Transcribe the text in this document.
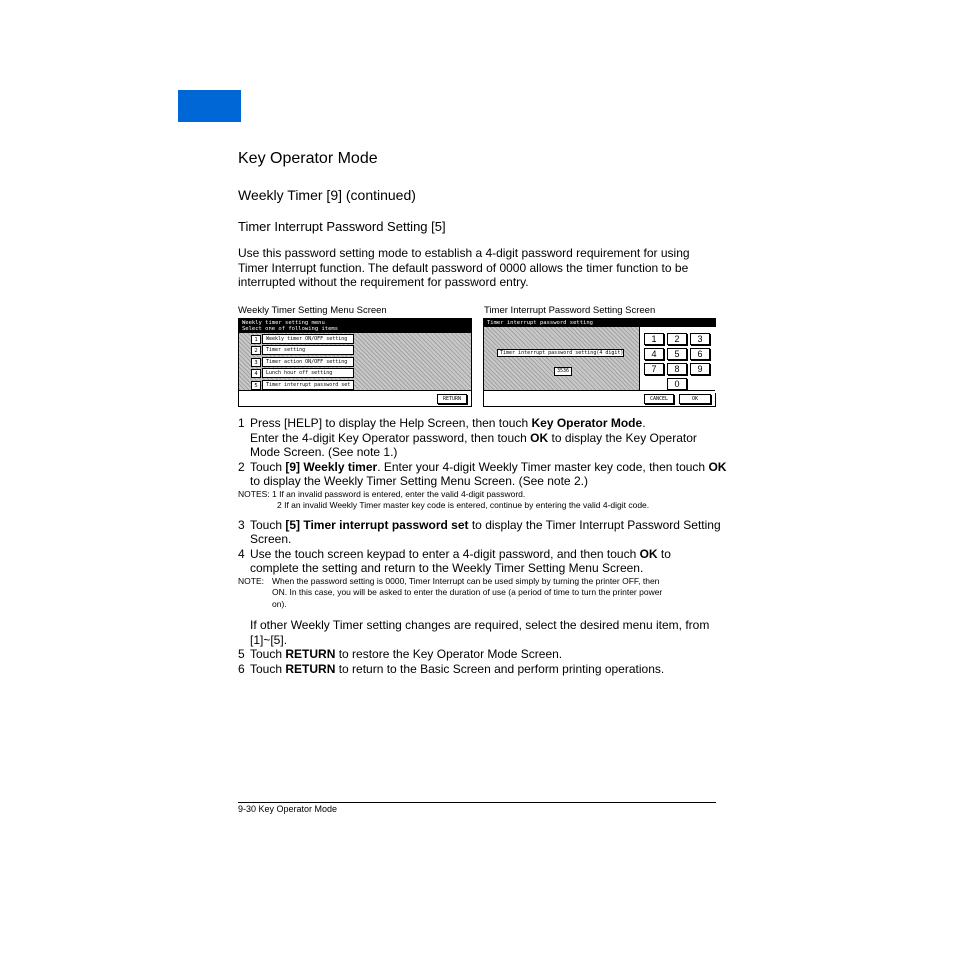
Key Operator Mode
Weekly Timer [9] (continued)
Timer Interrupt Password Setting [5]
Use this password setting mode to establish a 4-digit password requirement for using
Timer Interrupt function. The default password of 0000 allows the timer function to be
interrupted without the requirement for password entry.
Weekly Timer Setting Menu Screen	Timer Interrupt Password Setting Screen
Weekly timer setting menu
Select one of following items
1	Weekly timer ON/OFF setting
2	Timer setting
3	Timer action ON/OFF setting
4	Lunch hour off setting
5	Timer interrupt password set
RETURN
Timer interrupt password setting
Timer interrupt password setting(4 digit)
3536
1	2	3
4	5	6
7	8	9
0
CANCEL	OK
1 Press [HELP] to display the Help Screen, then touch Key Operator Mode.
Enter the 4-digit Key Operator password, then touch OK to display the Key Operator
Mode Screen. (See note 1.)
2 Touch [9] Weekly timer. Enter your 4-digit Weekly Timer master key code, then touch OK
to display the Weekly Timer Setting Menu Screen. (See note 2.)
NOTES: 1 If an invalid password is entered, enter the valid 4-digit password.
2 If an invalid Weekly Timer master key code is entered, continue by entering the valid 4-digit code.
3 Touch [5] Timer interrupt password set to display the Timer Interrupt Password Setting
Screen.
4 Use the touch screen keypad to enter a 4-digit password, and then touch OK to
complete the setting and return to the Weekly Timer Setting Menu Screen.
NOTE: When the password setting is 0000, Timer Interrupt can be used simply by turning the printer OFF, then
ON. In this case, you will be asked to enter the duration of use (a period of time to turn the printer power
on).
If other Weekly Timer setting changes are required, select the desired menu item, from
[1]~[5].
5 Touch RETURN to restore the Key Operator Mode Screen.
6 Touch RETURN to return to the Basic Screen and perform printing operations.
9-30 Key Operator Mode
